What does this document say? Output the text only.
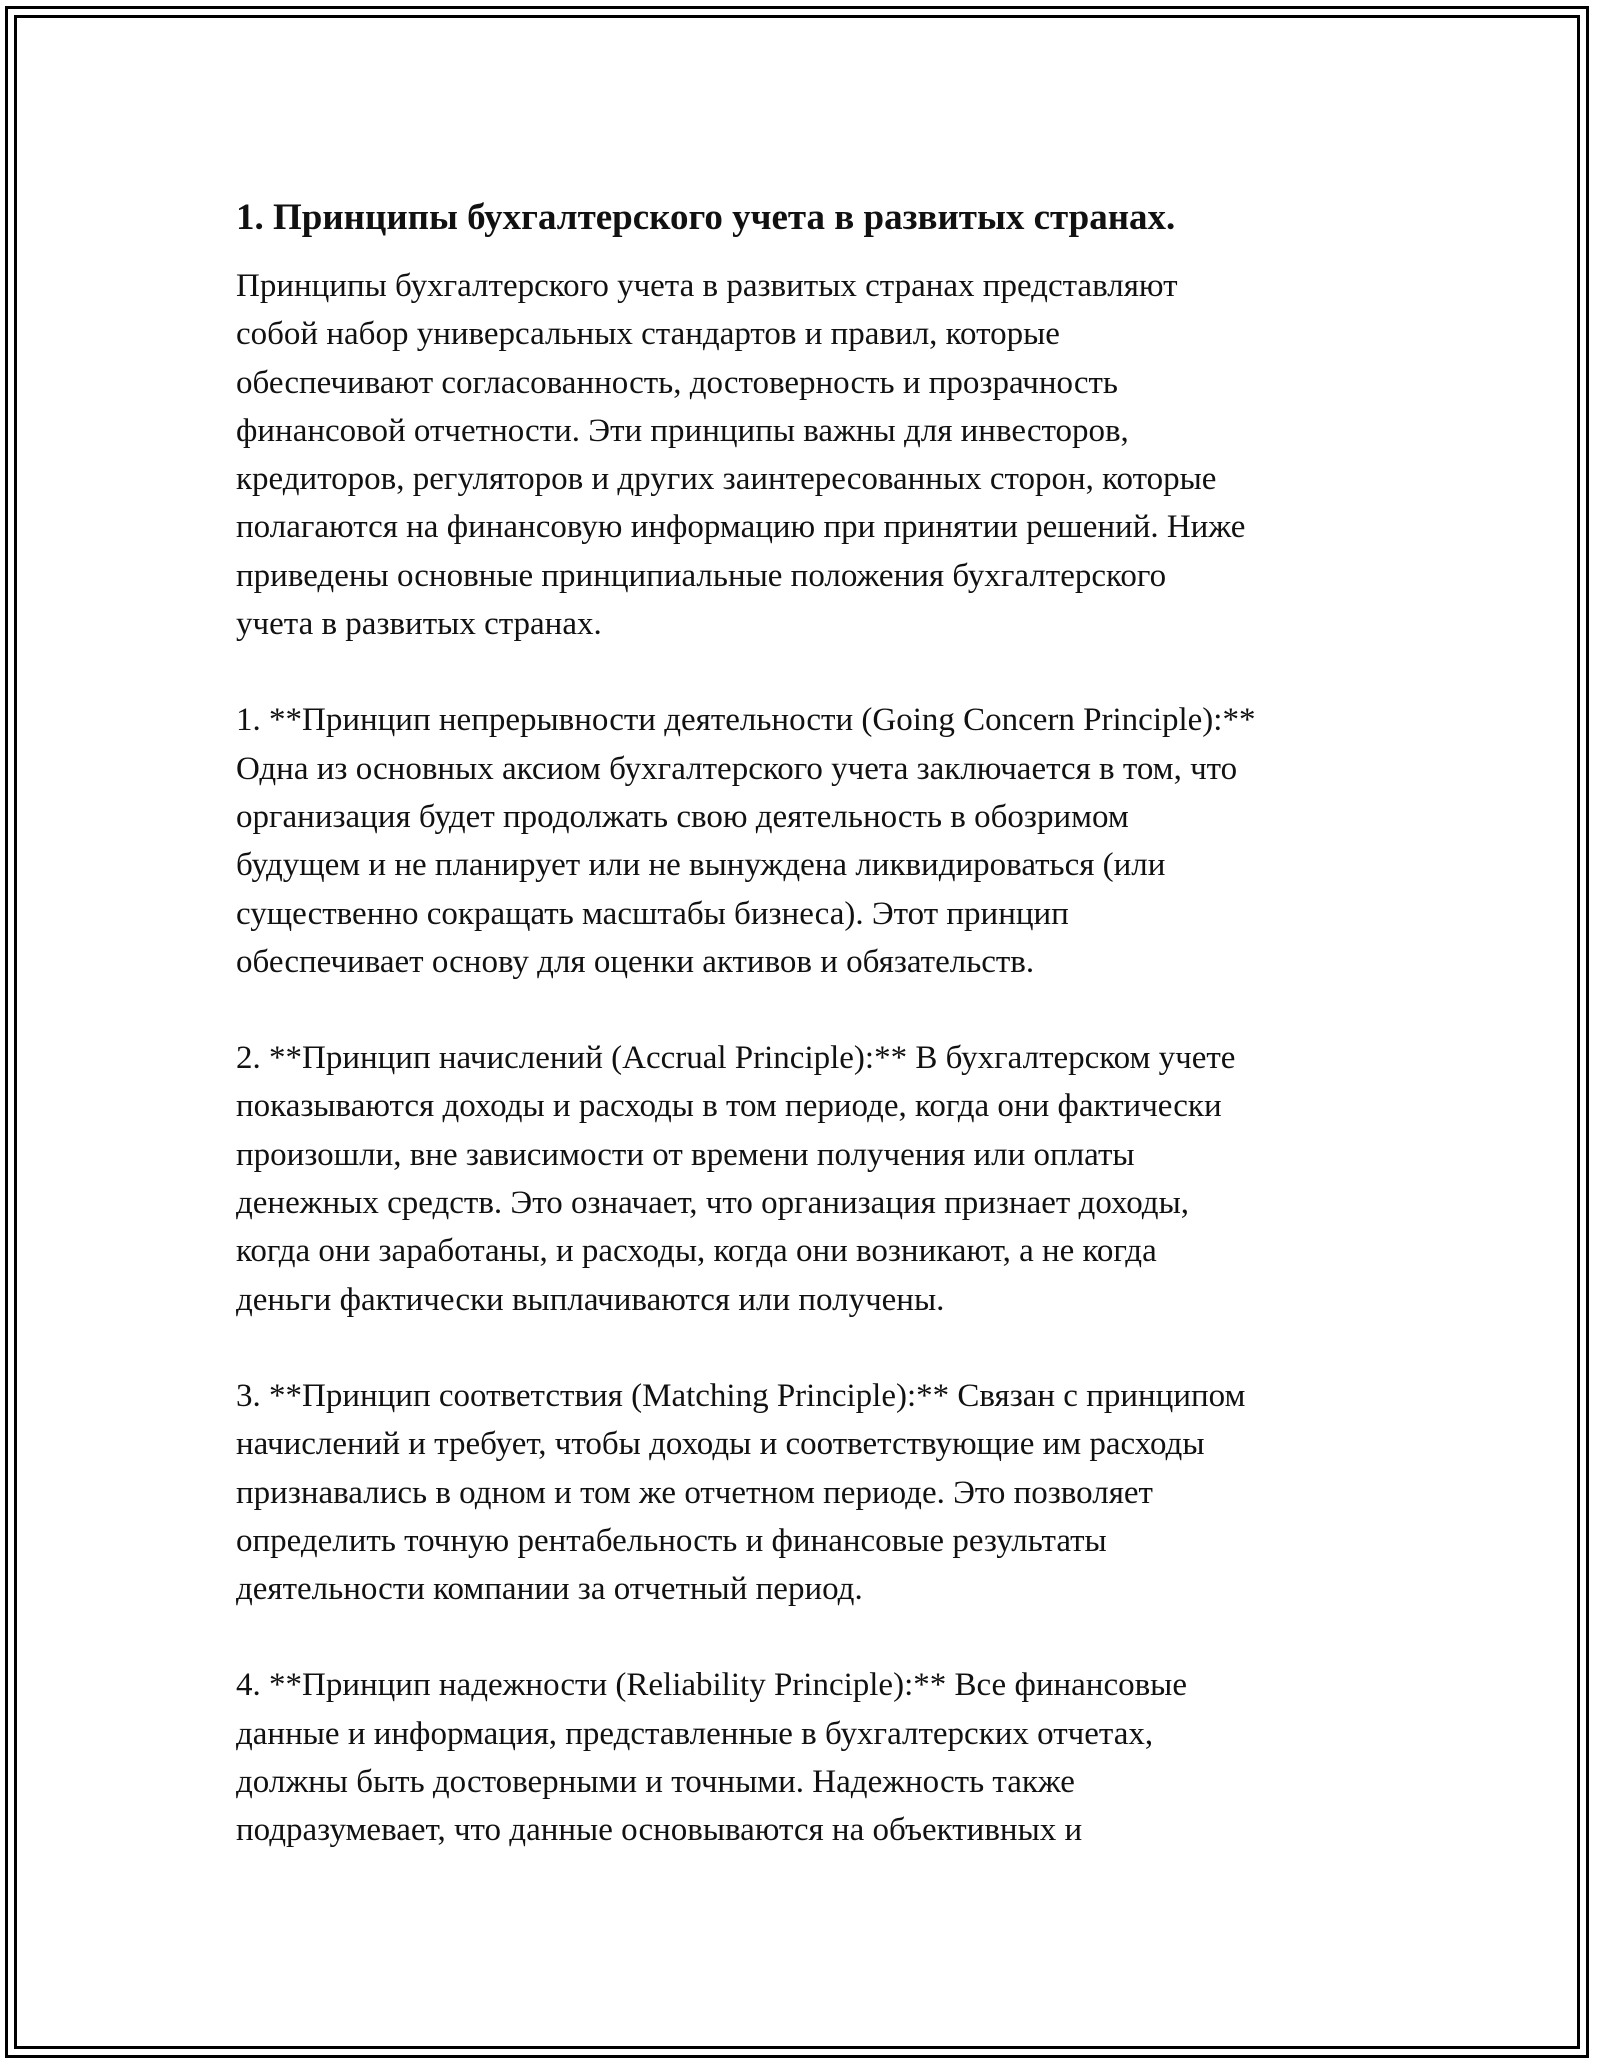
1. Принципы бухгалтерского учета в развитых странах.

Принципы бухгалтерского учета в развитых странах представляют
собой набор универсальных стандартов и правил, которые
обеспечивают согласованность, достоверность и прозрачность
финансовой отчетности. Эти принципы важны для инвесторов,
кредиторов, регуляторов и других заинтересованных сторон, которые
полагаются на финансовую информацию при принятии решений. Ниже
приведены основные принципиальные положения бухгалтерского
учета в развитых странах.

1. **Принцип непрерывности деятельности (Going Concern Principle):**
Одна из основных аксиом бухгалтерского учета заключается в том, что
организация будет продолжать свою деятельность в обозримом
будущем и не планирует или не вынуждена ликвидироваться (или
существенно сокращать масштабы бизнеса). Этот принцип
обеспечивает основу для оценки активов и обязательств.

2. **Принцип начислений (Accrual Principle):** В бухгалтерском учете
показываются доходы и расходы в том периоде, когда они фактически
произошли, вне зависимости от времени получения или оплаты
денежных средств. Это означает, что организация признает доходы,
когда они заработаны, и расходы, когда они возникают, а не когда
деньги фактически выплачиваются или получены.

3. **Принцип соответствия (Matching Principle):** Связан с принципом
начислений и требует, чтобы доходы и соответствующие им расходы
признавались в одном и том же отчетном периоде. Это позволяет
определить точную рентабельность и финансовые результаты
деятельности компании за отчетный период.

4. **Принцип надежности (Reliability Principle):** Все финансовые
данные и информация, представленные в бухгалтерских отчетах,
должны быть достоверными и точными. Надежность также
подразумевает, что данные основываются на объективных и
